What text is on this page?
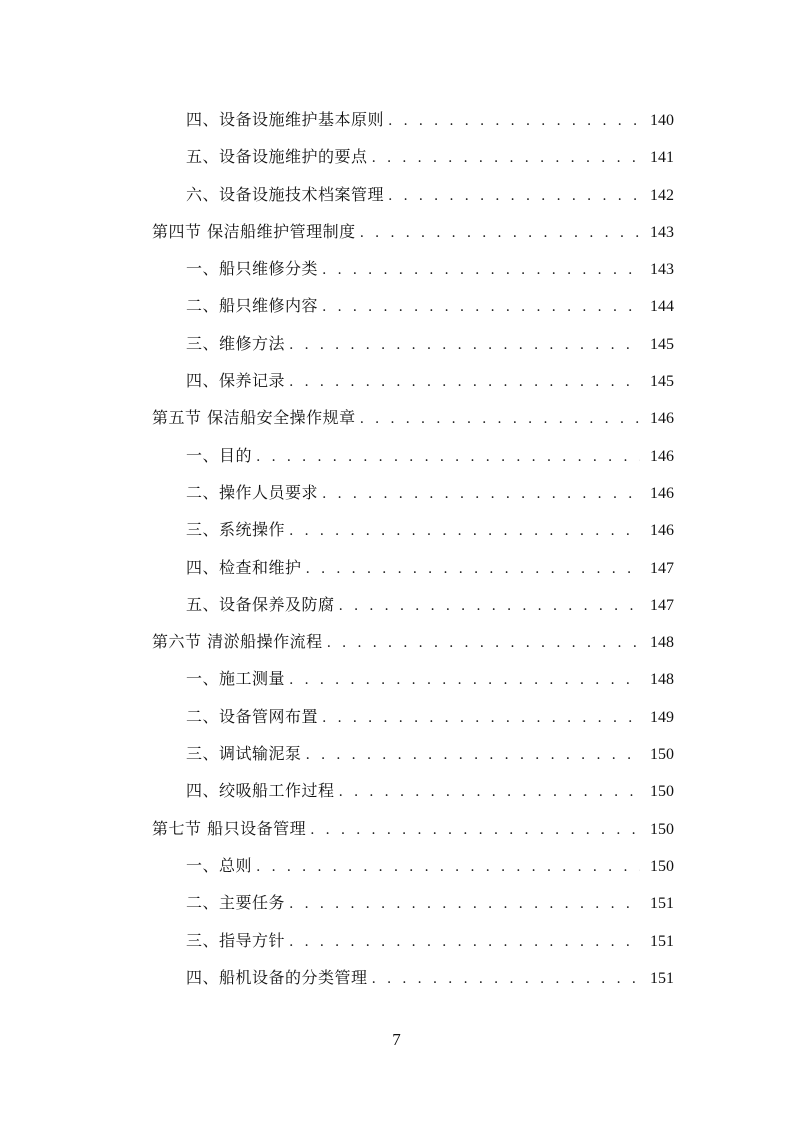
四、设备设施维护基本原则 . . .	140
五、设备设施维护的要点 . . .	141
六、设备设施技术档案管理 . . .	142
第四节 保洁船维护管理制度 . . .	143
一、船只维修分类 . . .	143
二、船只维修内容 . . .	144
三、维修方法 . . .	145
四、保养记录 . . .	145
第五节 保洁船安全操作规章 . . .	146
一、目的 . . .	146
二、操作人员要求 . . .	146
三、系统操作 . . .	146
四、检查和维护 . . .	147
五、设备保养及防腐 . . .	147
第六节 清淤船操作流程 . . .	148
一、施工测量 . . .	148
二、设备管网布置 . . .	149
三、调试输泥泵 . . .	150
四、绞吸船工作过程 . . .	150
第七节 船只设备管理 . . .	150
一、总则 . . .	150
二、主要任务 . . .	151
三、指导方针 . . .	151
四、船机设备的分类管理 . . .	151
7
